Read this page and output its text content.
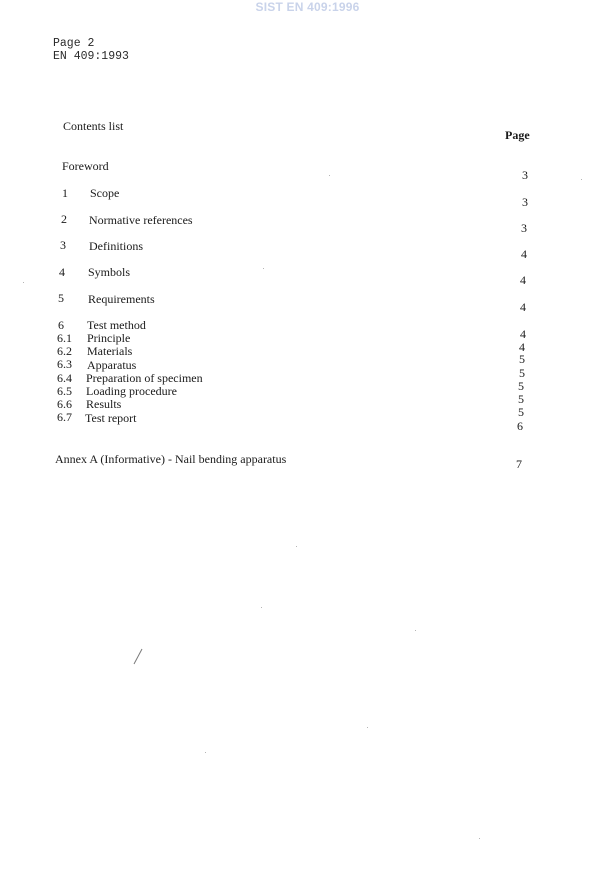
SIST EN 409:1996
Page 2
EN 409:1993
Contents list
Page
Foreword
3
1 Scope
3
2 Normative references
3
3 Definitions
4
4 Symbols
4
5 Requirements
4
6 Test method
4
6.1 Principle
4
6.2 Materials
5
6.3 Apparatus
5
6.4 Preparation of specimen
5
6.5 Loading procedure
5
6.6 Results
5
6.7 Test report
6
Annex A (Informative) - Nail bending apparatus	7
